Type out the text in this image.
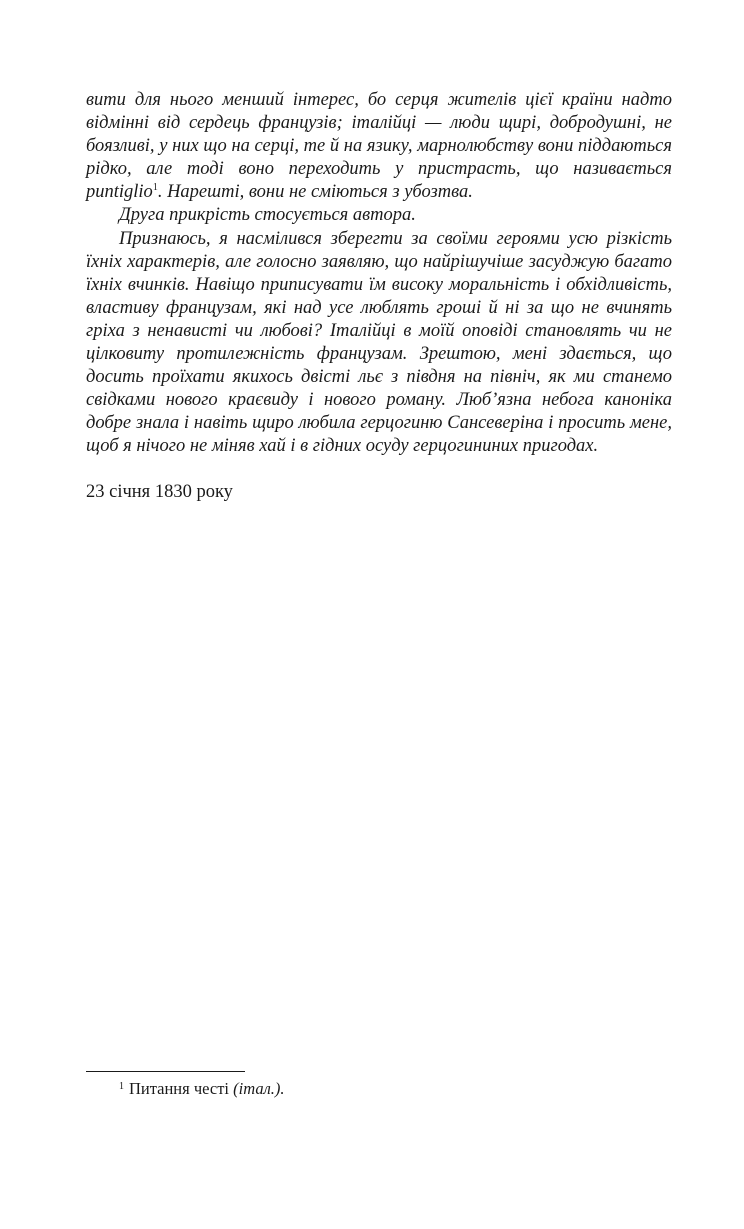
вити для нього менший інтерес, бо серця жителів цієї країни надто відмінні від сердець французів; італійці — люди щирі, добродушні, не боязливі, у них що на серці, те й на язику, марнолюбству вони піддаються рідко, але тоді воно переходить у пристрасть, що називається puntiglio$^1$. Нарешті, вони не сміються з убозтва.

Друга прикрість стосується автора.

Признаюсь, я насмілився зберегти за своїми героями усю різкість їхніх характерів, але голосно заявляю, що найрішучіше засуджую багато їхніх вчинків. Навіщо приписувати їм високу моральність і обхідливість, властиву французам, які над усе люблять гроші й ні за що не вчинять гріха з ненависті чи любові? Італійці в моїй оповіді становлять чи не цілковиту протилежність французам. Зрештою, мені здається, що досить проїхати якихось двісті льє з півдня на північ, як ми станемо свідками нового краєвиду і нового роману. Люб’язна небога каноніка добре знала і навіть щиро любила герцогиню Сансеверіна і просить мене, щоб я нічого не міняв хай і в гідних осуду герцогининих пригодах.

23 січня 1830 року

$^1$ Питання честі (італ.).
